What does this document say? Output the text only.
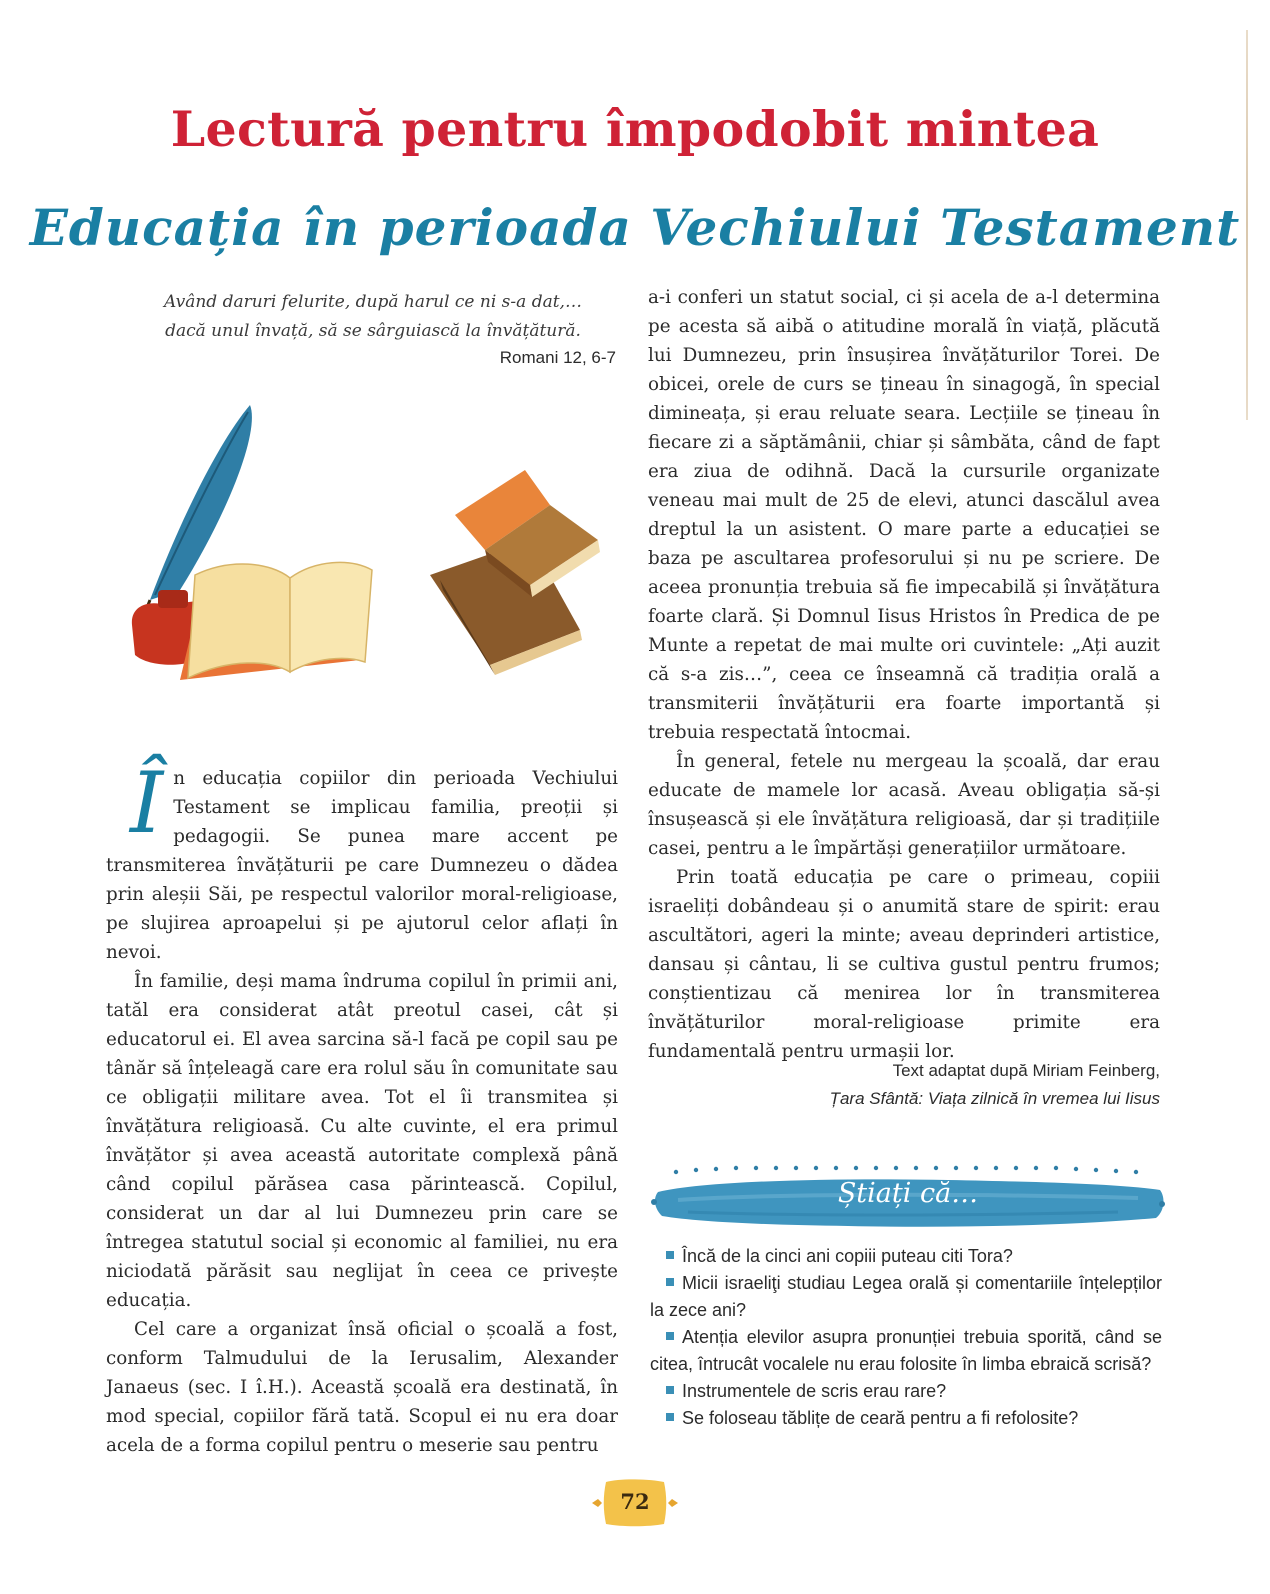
Lectură pentru împodobit mintea
Educația în perioada Vechiului Testament
Având daruri felurite, după harul ce ni s-a dat,…
dacă unul învață, să se sârguiască la învățătură.
Romani 12, 6-7
Î n educația copiilor din perioada Vechiului Testament se implicau familia, preoții și pedagogii. Se punea mare accent pe transmiterea învățăturii pe care Dumnezeu o dădea prin aleșii Săi, pe respectul valorilor moral-religioase, pe slujirea aproapelui și pe ajutorul celor aflați în nevoi.

În familie, deși mama îndruma copilul în primii ani, tatăl era considerat atât preotul casei, cât și educatorul ei. El avea sarcina să-l facă pe copil sau pe tânăr să înțeleagă care era rolul său în comunitate sau ce obligații militare avea. Tot el îi transmitea și învățătura religioasă. Cu alte cuvinte, el era primul învățător și avea această autoritate complexă până când copilul părăsea casa părintească. Copilul, considerat un dar al lui Dumnezeu prin care se întregea statutul social și economic al familiei, nu era niciodată părăsit sau neglijat în ceea ce privește educația.

Cel care a organizat însă oficial o școală a fost, conform Talmudului de la Ierusalim, Alexander Janaeus (sec. I î.H.). Această școală era destinată, în mod special, copiilor fără tată. Scopul ei nu era doar acela de a forma copilul pentru o meserie sau pentru

a-i conferi un statut social, ci și acela de a-l determina pe acesta să aibă o atitudine morală în viață, plăcută lui Dumnezeu, prin însușirea învățăturilor Torei. De obicei, orele de curs se țineau în sinagogă, în special dimineața, și erau reluate seara. Lecțiile se țineau în fiecare zi a săptămânii, chiar și sâmbăta, când de fapt era ziua de odihnă. Dacă la cursurile organizate veneau mai mult de 25 de elevi, atunci dascălul avea dreptul la un asistent. O mare parte a educației se baza pe ascultarea profesorului și nu pe scriere. De aceea pronunția trebuia să fie impecabilă și învățătura foarte clară. Și Domnul Iisus Hristos în Predica de pe Munte a repetat de mai multe ori cuvintele: „Ați auzit că s-a zis…”, ceea ce înseamnă că tradiția orală a transmiterii învățăturii era foarte importantă și trebuia respectată întocmai.

În general, fetele nu mergeau la școală, dar erau educate de mamele lor acasă. Aveau obligația să-și însușească și ele învățătura religioasă, dar și tradițiile casei, pentru a le împărtăși generațiilor următoare.

Prin toată educația pe care o primeau, copiii israeliți dobândeau și o anumită stare de spirit: erau ascultători, ageri la minte; aveau deprinderi artistice, dansau și cântau, li se cultiva gustul pentru frumos; conștientizau că menirea lor în transmiterea învățăturilor moral-religioase primite era fundamentală pentru urmașii lor.

Text adaptat după Miriam Feinberg,
Țara Sfântă: Viața zilnică în vremea lui Iisus
Știați că…
Încă de la cinci ani copiii puteau citi Tora?
Micii israeliţi studiau Legea orală și comentariile înțelepților la zece ani?
Atenția elevilor asupra pronunției trebuia sporită, când se citea, întrucât vocalele nu erau folosite în limba ebraică scrisă?
Instrumentele de scris erau rare?
Se foloseau tăblițe de ceară pentru a fi refolosite?
72
